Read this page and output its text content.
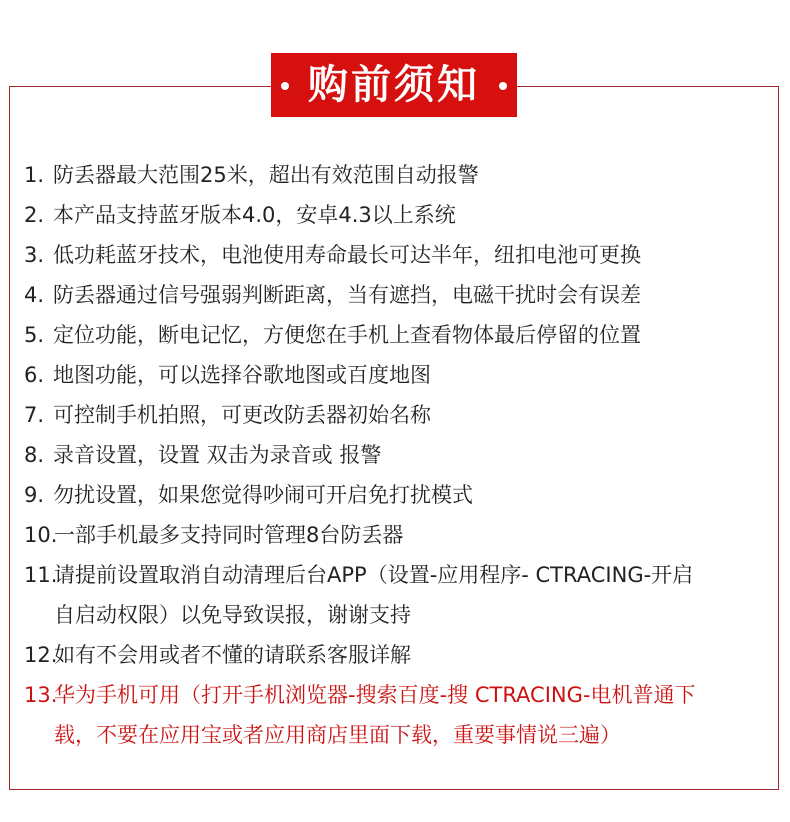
购前须知
1. 防丢器最大范围25米，超出有效范围自动报警
2. 本产品支持蓝牙版本4.0，安卓4.3以上系统
3. 低功耗蓝牙技术，电池使用寿命最长可达半年，纽扣电池可更换
4. 防丢器通过信号强弱判断距离，当有遮挡，电磁干扰时会有误差
5. 定位功能，断电记忆，方便您在手机上查看物体最后停留的位置
6. 地图功能，可以选择谷歌地图或百度地图
7. 可控制手机拍照，可更改防丢器初始名称
8. 录音设置，设置 双击为录音或 报警
9. 勿扰设置，如果您觉得吵闹可开启免打扰模式
10.
一部手机最多支持同时管理8台防丢器
11.
请提前设置取消自动清理后台APP（设置-应用程序- CTRACING-开启
自启动权限）以免导致误报，谢谢支持
12.
如有不会用或者不懂的请联系客服详解
13.
华为手机可用（打开手机浏览器-搜索百度-搜 CTRACING-电机普通下
载，不要在应用宝或者应用商店里面下载，重要事情说三遍）
